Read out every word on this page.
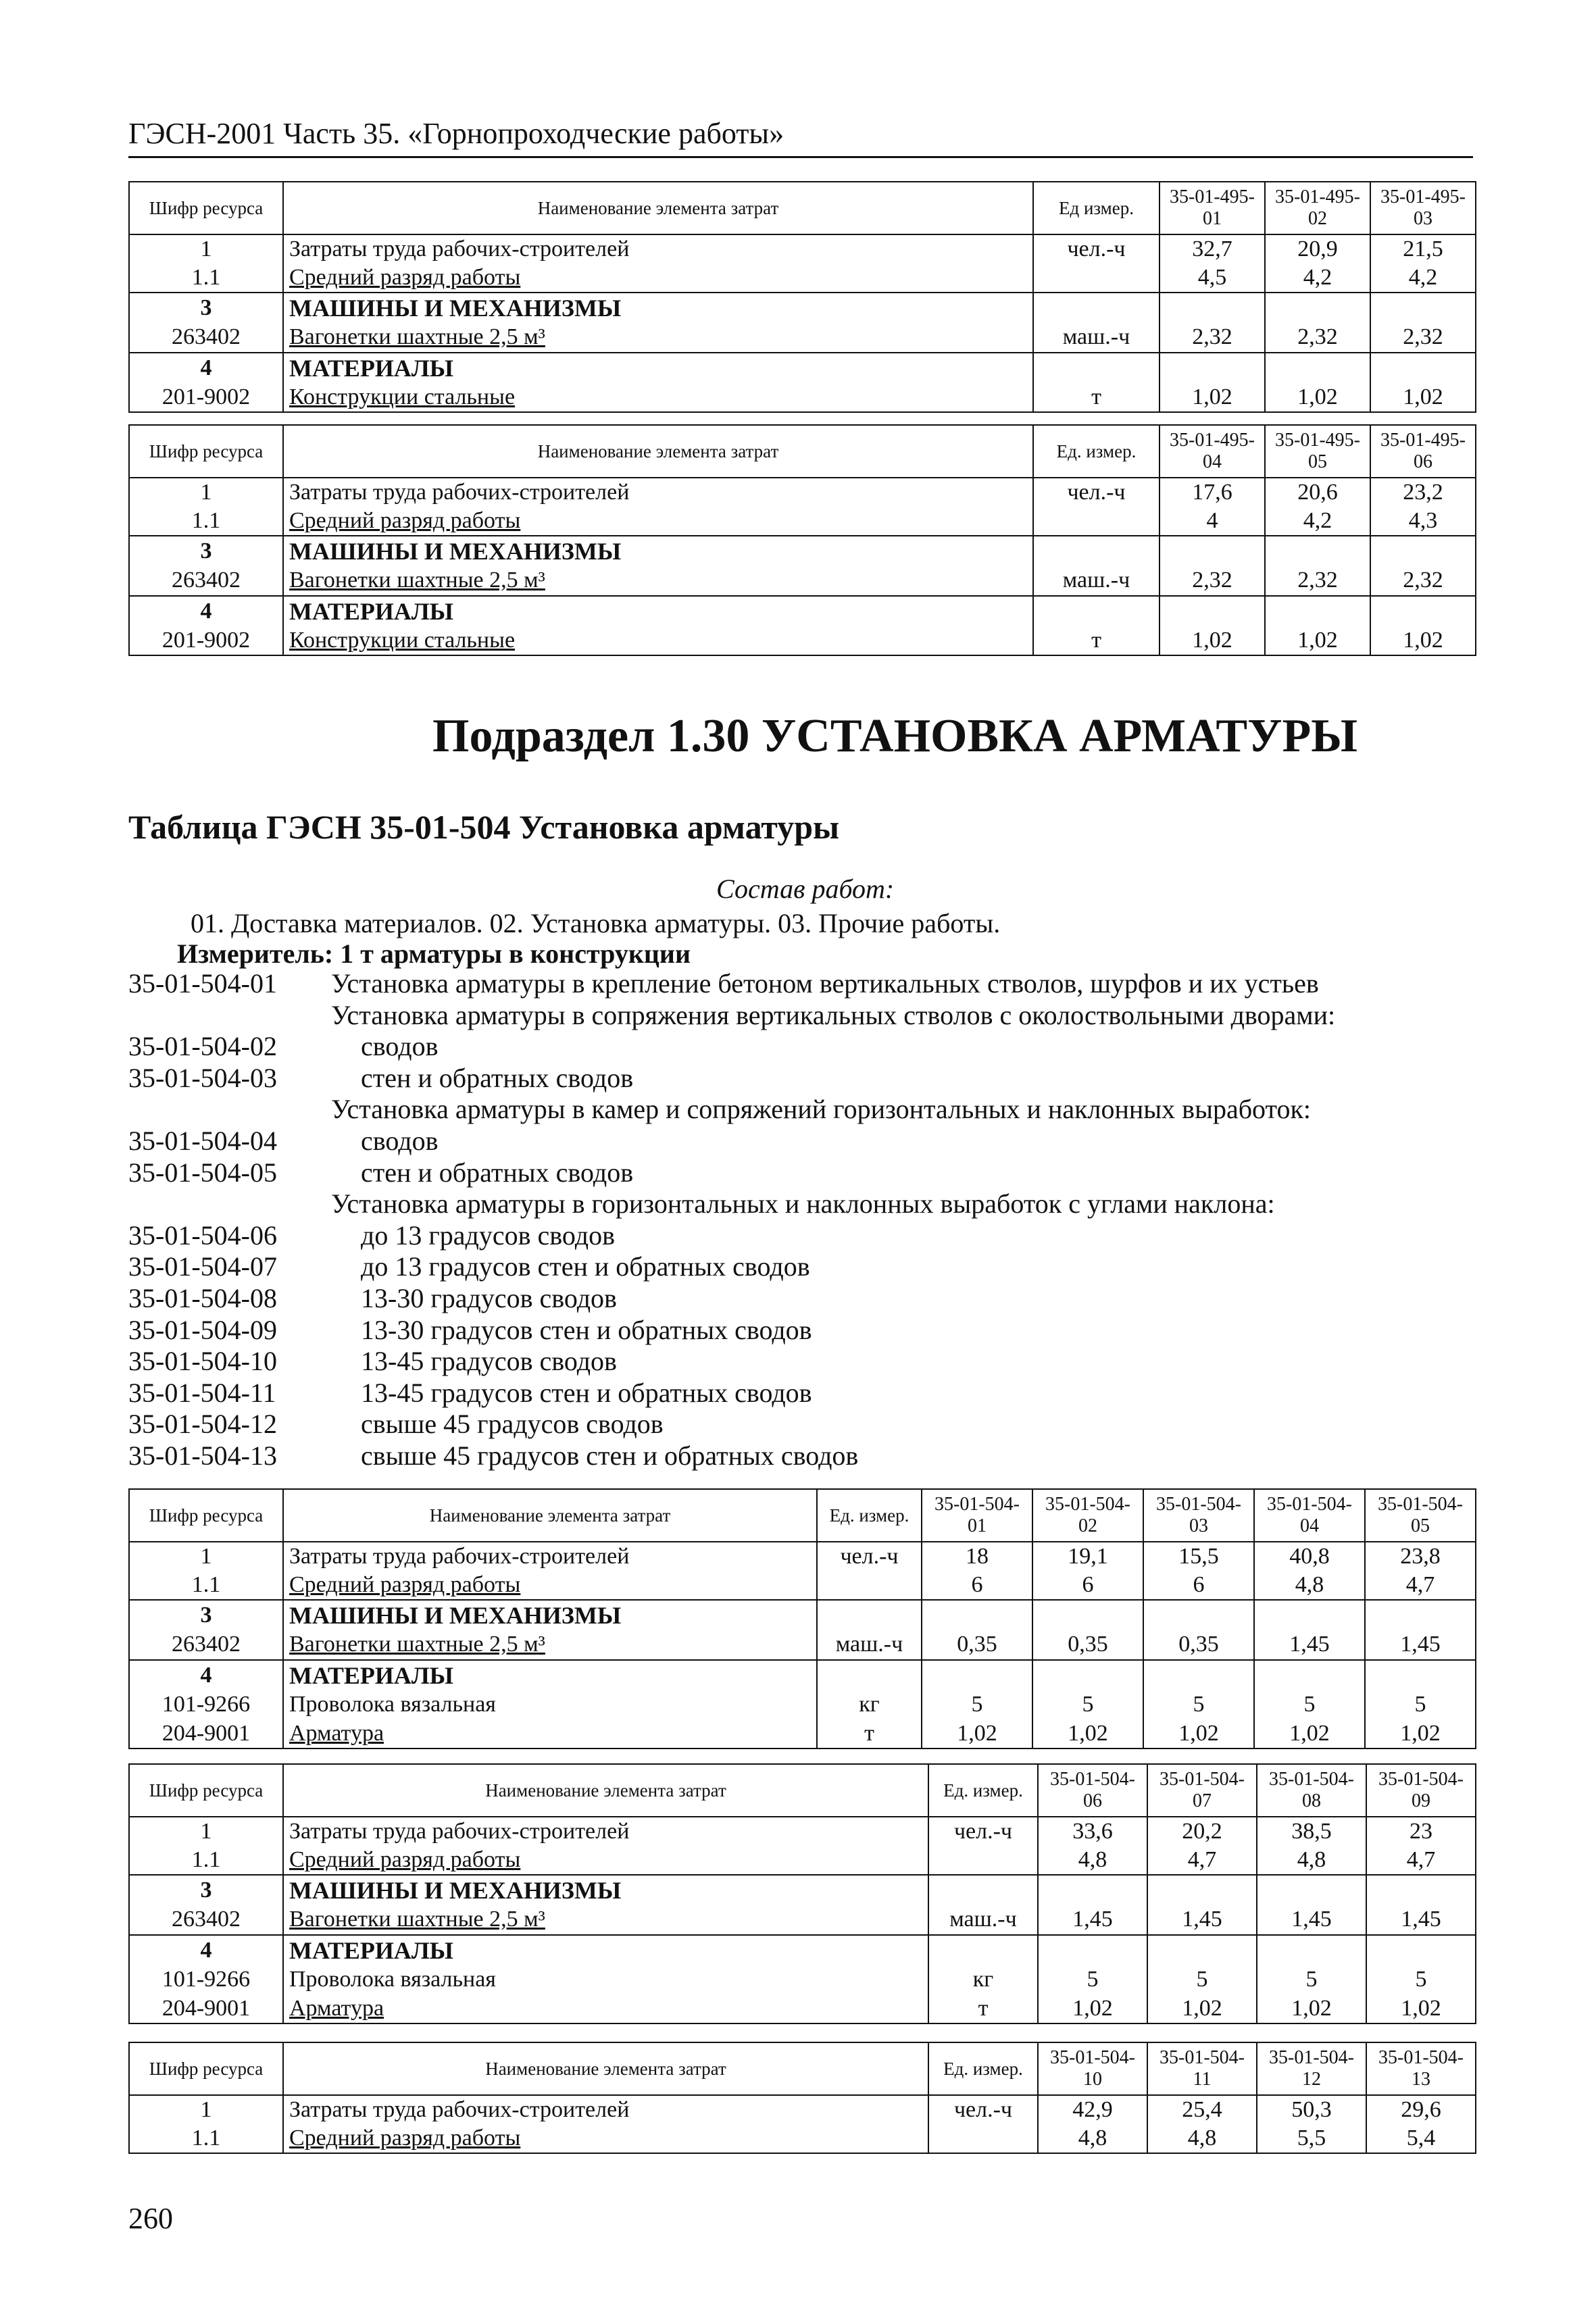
ГЭСН-2001 Часть 35. «Горнопроходческие работы»
Шифр ресурса	Наименование элемента затрат	Ед измер.	35-01-495-01	35-01-495-02	35-01-495-03
1	Затраты труда рабочих-строителей	чел.-ч	32,7	20,9	21,5
1.1	Средний разряд работы		4,5	4,2	4,2
3	МАШИНЫ И МЕХАНИЗМЫ				
263402	Вагонетки шахтные 2,5 м³	маш.-ч	2,32	2,32	2,32
4	МАТЕРИАЛЫ				
201-9002	Конструкции стальные	т	1,02	1,02	1,02
Шифр ресурса	Наименование элемента затрат	Ед. измер.	35-01-495-04	35-01-495-05	35-01-495-06
1	Затраты труда рабочих-строителей	чел.-ч	17,6	20,6	23,2
1.1	Средний разряд работы		4	4,2	4,3
3	МАШИНЫ И МЕХАНИЗМЫ				
263402	Вагонетки шахтные 2,5 м³	маш.-ч	2,32	2,32	2,32
4	МАТЕРИАЛЫ				
201-9002	Конструкции стальные	т	1,02	1,02	1,02
Подраздел 1.30 УСТАНОВКА АРМАТУРЫ
Таблица ГЭСН 35-01-504 Установка арматуры
Состав работ:
01. Доставка материалов. 02. Установка арматуры. 03. Прочие работы.
Измеритель: 1 т арматуры в конструкции
35-01-504-01	Установка арматуры в крепление бетоном вертикальных стволов, шурфов и их устьев
Установка арматуры в сопряжения вертикальных стволов с околоствольными дворами:
35-01-504-02	сводов
35-01-504-03	стен и обратных сводов
Установка арматуры в камер и сопряжений горизонтальных и наклонных выработок:
35-01-504-04	сводов
35-01-504-05	стен и обратных сводов
Установка арматуры в горизонтальных и наклонных выработок с углами наклона:
35-01-504-06	до 13 градусов сводов
35-01-504-07	до 13 градусов стен и обратных сводов
35-01-504-08	13-30 градусов сводов
35-01-504-09	13-30 градусов стен и обратных сводов
35-01-504-10	13-45 градусов сводов
35-01-504-11	13-45 градусов стен и обратных сводов
35-01-504-12	свыше 45 градусов сводов
35-01-504-13	свыше 45 градусов стен и обратных сводов
Шифр ресурса	Наименование элемента затрат	Ед. измер.	35-01-504-01	35-01-504-02	35-01-504-03	35-01-504-04	35-01-504-05
1	Затраты труда рабочих-строителей	чел.-ч	18	19,1	15,5	40,8	23,8
1.1	Средний разряд работы		6	6	6	4,8	4,7
3	МАШИНЫ И МЕХАНИЗМЫ						
263402	Вагонетки шахтные 2,5 м³	маш.-ч	0,35	0,35	0,35	1,45	1,45
4	МАТЕРИАЛЫ						
101-9266	Проволока вязальная	кг	5	5	5	5	5
204-9001	Арматура	т	1,02	1,02	1,02	1,02	1,02
Шифр ресурса	Наименование элемента затрат	Ед. измер.	35-01-504-06	35-01-504-07	35-01-504-08	35-01-504-09
1	Затраты труда рабочих-строителей	чел.-ч	33,6	20,2	38,5	23
1.1	Средний разряд работы		4,8	4,7	4,8	4,7
3	МАШИНЫ И МЕХАНИЗМЫ					
263402	Вагонетки шахтные 2,5 м³	маш.-ч	1,45	1,45	1,45	1,45
4	МАТЕРИАЛЫ					
101-9266	Проволока вязальная	кг	5	5	5	5
204-9001	Арматура	т	1,02	1,02	1,02	1,02
Шифр ресурса	Наименование элемента затрат	Ед. измер.	35-01-504-10	35-01-504-11	35-01-504-12	35-01-504-13
1	Затраты труда рабочих-строителей	чел.-ч	42,9	25,4	50,3	29,6
1.1	Средний разряд работы		4,8	4,8	5,5	5,4
260
